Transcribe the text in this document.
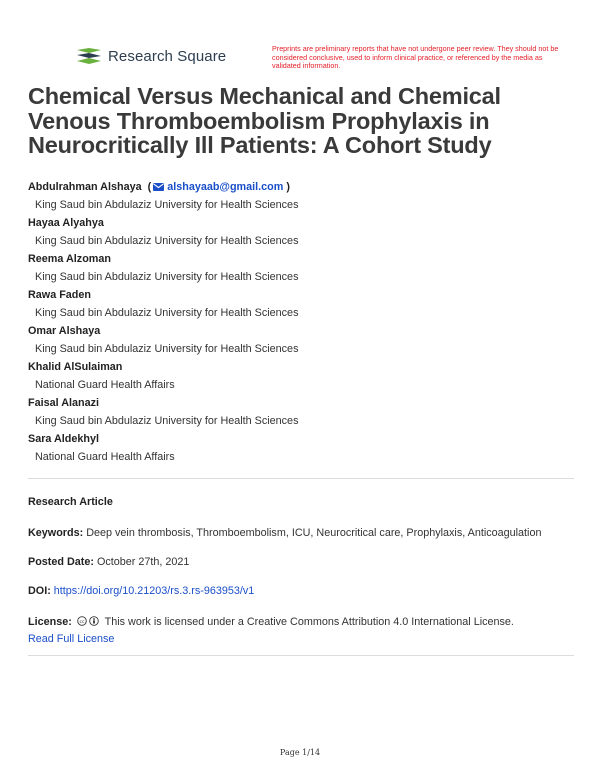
Research Square	Preprints are preliminary reports that have not undergone peer review. They should not be considered conclusive, used to inform clinical practice, or referenced by the media as validated information.
Chemical Versus Mechanical and Chemical Venous Thromboembolism Prophylaxis in Neurocritically Ill Patients: A Cohort Study
Abdulrahman Alshaya  ( alshayaab@gmail.com )
King Saud bin Abdulaziz University for Health Sciences
Hayaa Alyahya
King Saud bin Abdulaziz University for Health Sciences
Reema Alzoman
King Saud bin Abdulaziz University for Health Sciences
Rawa Faden
King Saud bin Abdulaziz University for Health Sciences
Omar Alshaya
King Saud bin Abdulaziz University for Health Sciences
Khalid AlSulaiman
National Guard Health Affairs
Faisal Alanazi
King Saud bin Abdulaziz University for Health Sciences
Sara Aldekhyl
National Guard Health Affairs
Research Article
Keywords: Deep vein thrombosis, Thromboembolism, ICU, Neurocritical care, Prophylaxis, Anticoagulation
Posted Date: October 27th, 2021
DOI: https://doi.org/10.21203/rs.3.rs-963953/v1
License: cc This work is licensed under a Creative Commons Attribution 4.0 International License.
Read Full License
Page 1/14
